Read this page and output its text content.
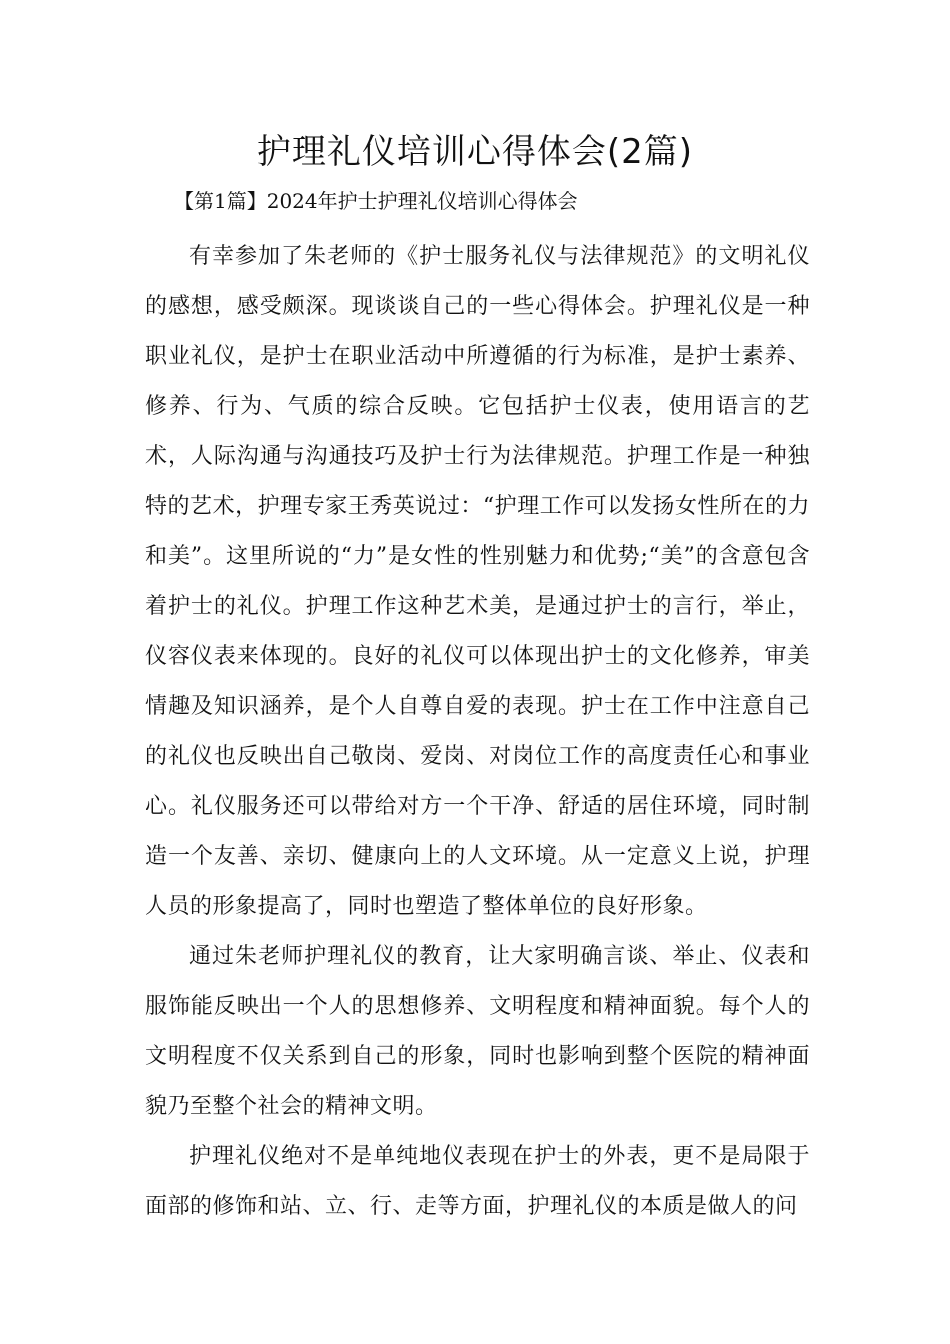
护理礼仪培训心得体会(2篇)

【第1篇】2024年护士护理礼仪培训心得体会

有幸参加了朱老师的《护士服务礼仪与法律规范》的文明礼仪的感想，感受颇深。现谈谈自己的一些心得体会。护理礼仪是一种职业礼仪，是护士在职业活动中所遵循的行为标准，是护士素养、修养、行为、气质的综合反映。它包括护士仪表，使用语言的艺术，人际沟通与沟通技巧及护士行为法律规范。护理工作是一种独特的艺术，护理专家王秀英说过：“护理工作可以发扬女性所在的力和美”。这里所说的“力”是女性的性别魅力和优势;“美”的含意包含着护士的礼仪。护理工作这种艺术美，是通过护士的言行，举止，仪容仪表来体现的。良好的礼仪可以体现出护士的文化修养，审美情趣及知识涵养，是个人自尊自爱的表现。护士在工作中注意自己的礼仪也反映出自己敬岗、爱岗、对岗位工作的高度责任心和事业心。礼仪服务还可以带给对方一个干净、舒适的居住环境，同时制造一个友善、亲切、健康向上的人文环境。从一定意义上说，护理人员的形象提高了，同时也塑造了整体单位的良好形象。

通过朱老师护理礼仪的教育，让大家明确言谈、举止、仪表和服饰能反映出一个人的思想修养、文明程度和精神面貌。每个人的文明程度不仅关系到自己的形象，同时也影响到整个医院的精神面貌乃至整个社会的精神文明。

护理礼仪绝对不是单纯地仪表现在护士的外表，更不是局限于面部的修饰和站、立、行、走等方面，护理礼仪的本质是做人的问
